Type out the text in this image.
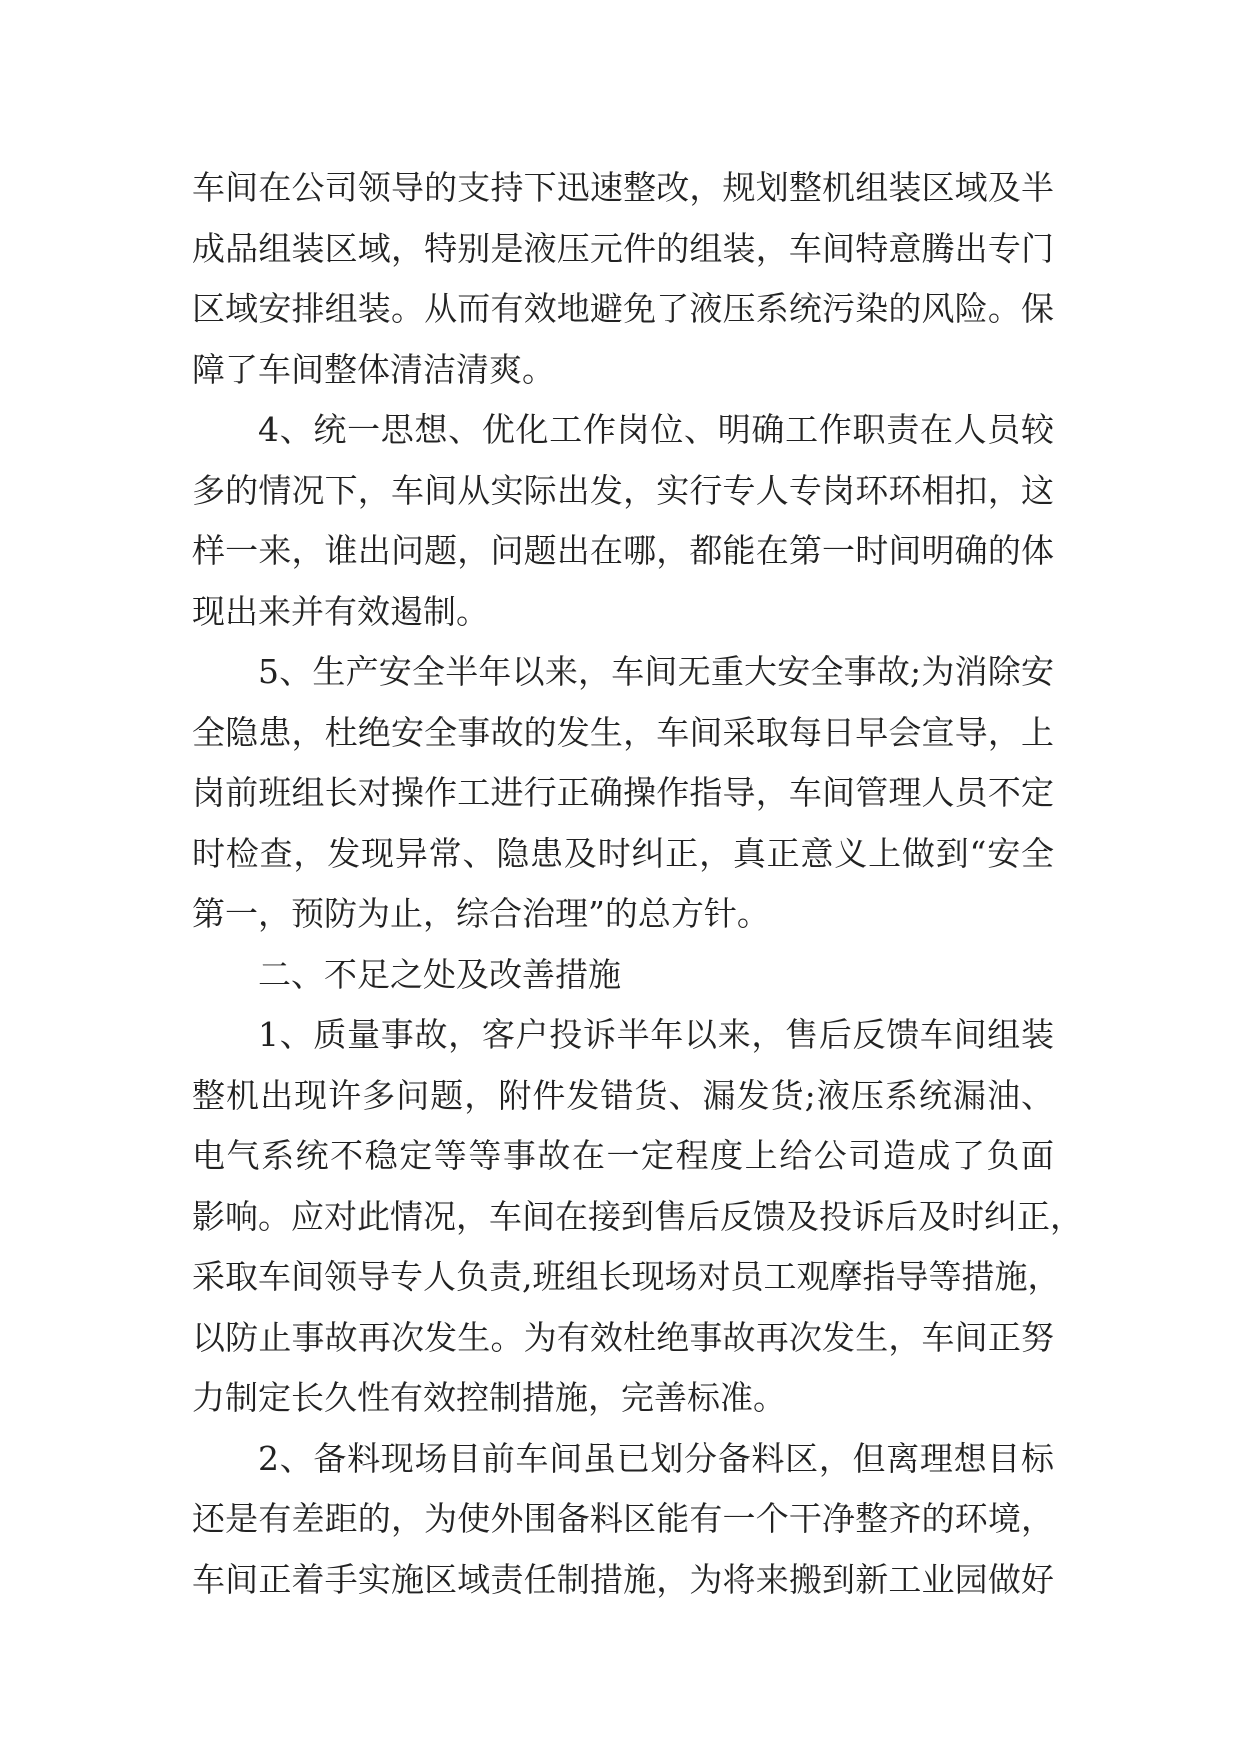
车间在公司领导的支持下迅速整改，规划整机组装区域及半
成品组装区域，特别是液压元件的组装，车间特意腾出专门
区域安排组装。从而有效地避免了液压系统污染的风险。保
障了车间整体清洁清爽。
4、统一思想、优化工作岗位、明确工作职责在人员较
多的情况下，车间从实际出发，实行专人专岗环环相扣，这
样一来，谁出问题，问题出在哪，都能在第一时间明确的体
现出来并有效遏制。
5、生产安全半年以来，车间无重大安全事故;为消除安
全隐患，杜绝安全事故的发生，车间采取每日早会宣导，上
岗前班组长对操作工进行正确操作指导，车间管理人员不定
时检查，发现异常、隐患及时纠正，真正意义上做到“安全
第一，预防为止，综合治理”的总方针。
二、不足之处及改善措施
1、质量事故，客户投诉半年以来，售后反馈车间组装
整机出现许多问题，附件发错货、漏发货;液压系统漏油、
电气系统不稳定等等事故在一定程度上给公司造成了负面
影响。应对此情况，车间在接到售后反馈及投诉后及时纠正，
采取车间领导专人负责,班组长现场对员工观摩指导等措施，
以防止事故再次发生。为有效杜绝事故再次发生，车间正努
力制定长久性有效控制措施，完善标准。
2、备料现场目前车间虽已划分备料区，但离理想目标
还是有差距的，为使外围备料区能有一个干净整齐的环境，
车间正着手实施区域责任制措施，为将来搬到新工业园做好
